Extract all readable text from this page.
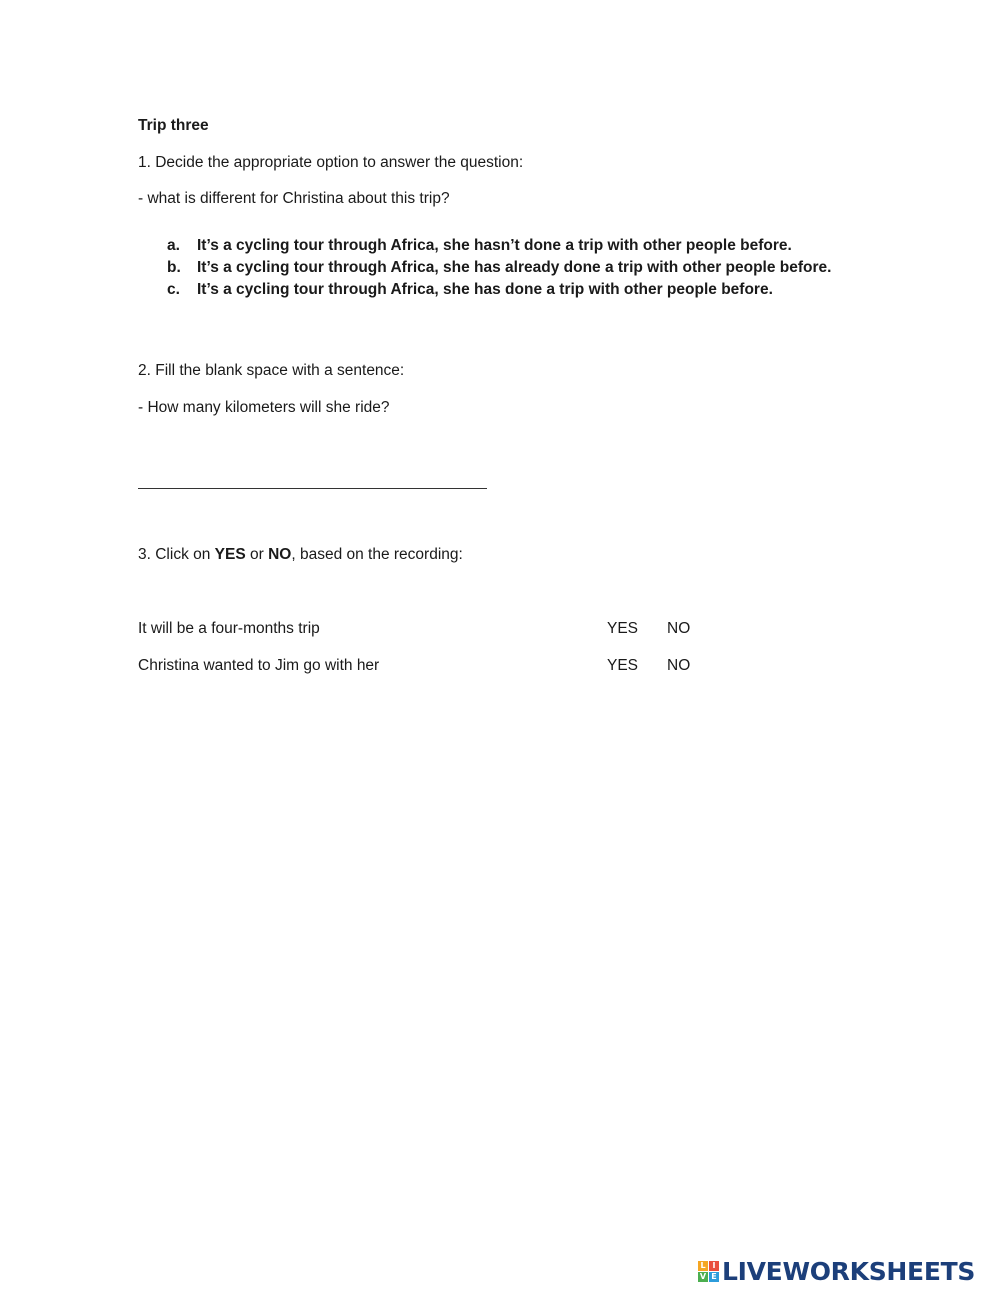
Trip three
1. Decide the appropriate option to answer the question:
- what is different for Christina about this trip?
a. It’s a cycling tour through Africa, she hasn’t done a trip with other people before.
b. It’s a cycling tour through Africa, she has already done a trip with other people before.
c. It’s a cycling tour through Africa, she has done a trip with other people before.
2. Fill the blank space with a sentence:
- How many kilometers will she ride?
3. Click on YES or NO, based on the recording:
It will be a four-months trip	YES NO
Christina wanted to Jim go with her	YES NO
L I
V E LIVEWORKSHEETS
